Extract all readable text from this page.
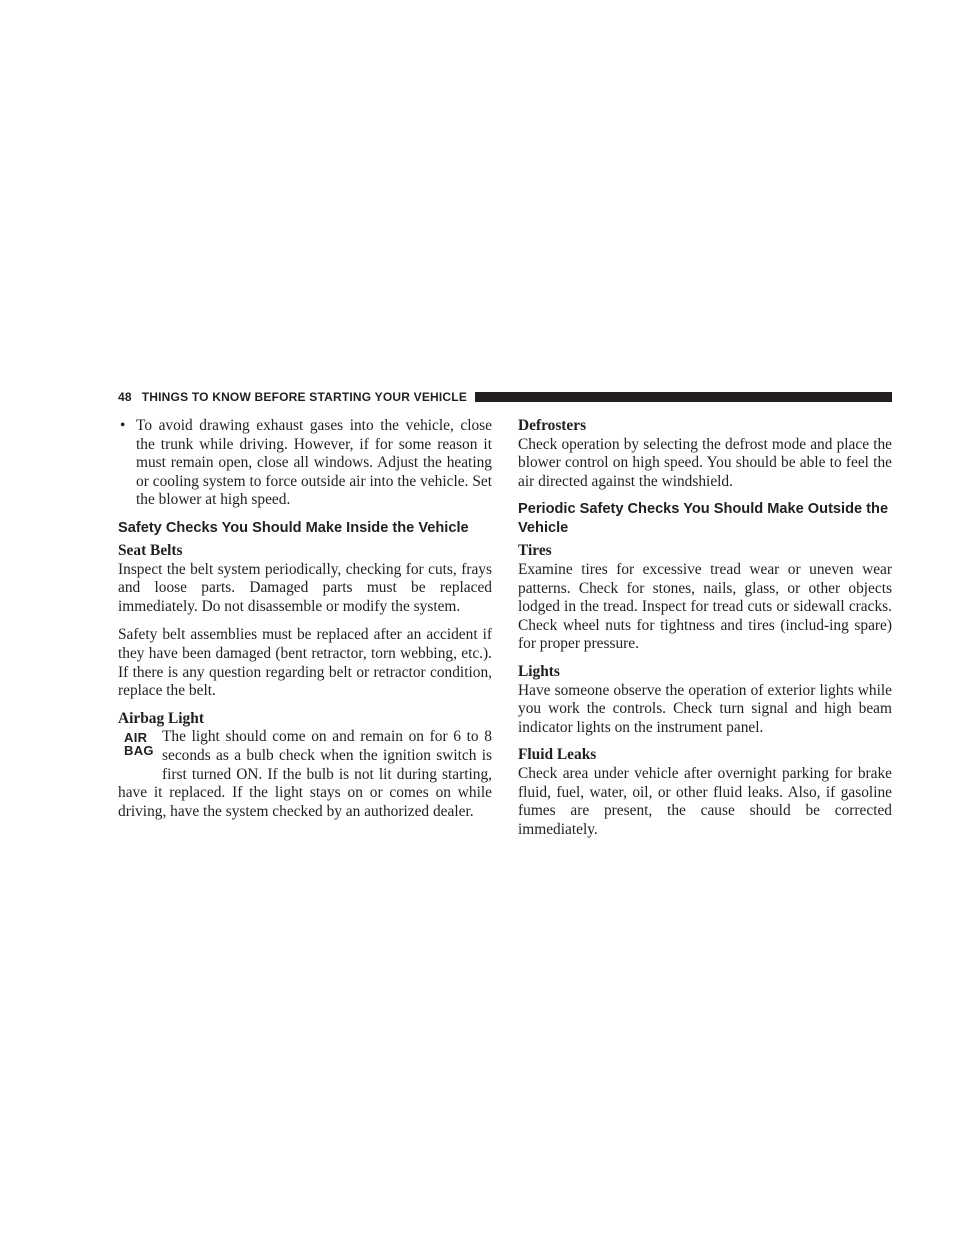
48 THINGS TO KNOW BEFORE STARTING YOUR VEHICLE
• To avoid drawing exhaust gases into the vehicle, close the trunk while driving. However, if for some reason it must remain open, close all windows. Adjust the heating or cooling system to force outside air into the vehicle. Set the blower at high speed.
Safety Checks You Should Make Inside the Vehicle
Seat Belts

Inspect the belt system periodically, checking for cuts, frays and loose parts. Damaged parts must be replaced immediately. Do not disassemble or modify the system.

Safety belt assemblies must be replaced after an accident if they have been damaged (bent retractor, torn webbing, etc.). If there is any question regarding belt or retractor condition, replace the belt.

Airbag Light
AIR
BAG

The light should come on and remain on for 6 to 8 seconds as a bulb check when the ignition switch is first turned ON. If the bulb is not lit during starting, have it replaced. If the light stays on or comes on while driving, have the system checked by an authorized dealer.

Defrosters

Check operation by selecting the defrost mode and place the blower control on high speed. You should be able to feel the air directed against the windshield.

Periodic Safety Checks You Should Make Outside the Vehicle
Tires

Examine tires for excessive tread wear or uneven wear patterns. Check for stones, nails, glass, or other objects lodged in the tread. Inspect for tread cuts or sidewall cracks. Check wheel nuts for tightness and tires (includ-ing spare) for proper pressure.

Lights

Have someone observe the operation of exterior lights while you work the controls. Check turn signal and high beam indicator lights on the instrument panel.

Fluid Leaks

Check area under vehicle after overnight parking for brake fluid, fuel, water, oil, or other fluid leaks. Also, if gasoline fumes are present, the cause should be corrected immediately.
